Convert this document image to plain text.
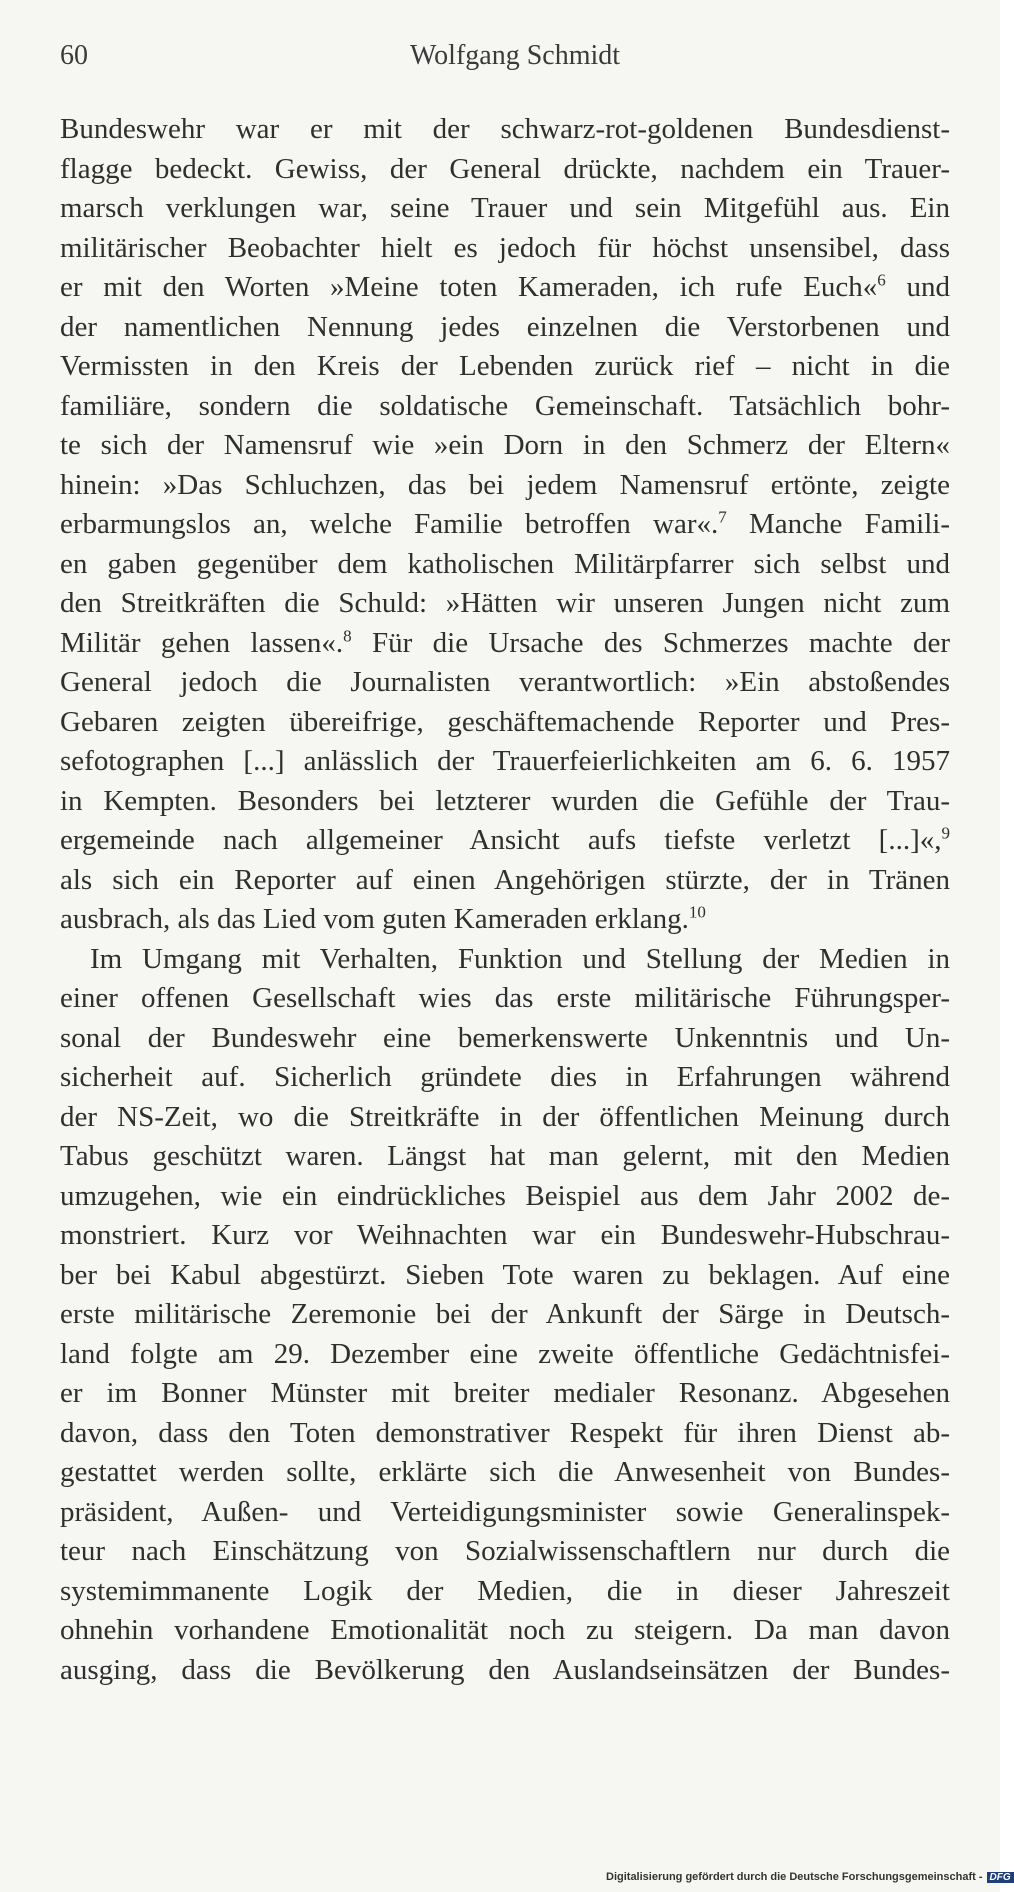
60	Wolfgang Schmidt
Bundeswehr war er mit der schwarz-rot-goldenen Bundesdienst-
flagge bedeckt. Gewiss, der General drückte, nachdem ein Trauer-
marsch verklungen war, seine Trauer und sein Mitgefühl aus. Ein
militärischer Beobachter hielt es jedoch für höchst unsensibel, dass
er mit den Worten »Meine toten Kameraden, ich rufe Euch«$^6$ und
der namentlichen Nennung jedes einzelnen die Verstorbenen und
Vermissten in den Kreis der Lebenden zurück rief – nicht in die
familiäre, sondern die soldatische Gemeinschaft. Tatsächlich bohr-
te sich der Namensruf wie »ein Dorn in den Schmerz der Eltern«
hinein: »Das Schluchzen, das bei jedem Namensruf ertönte, zeigte
erbarmungslos an, welche Familie betroffen war«.$^7$ Manche Famili-
en gaben gegenüber dem katholischen Militärpfarrer sich selbst und
den Streitkräften die Schuld: »Hätten wir unseren Jungen nicht zum
Militär gehen lassen«.$^8$ Für die Ursache des Schmerzes machte der
General jedoch die Journalisten verantwortlich: »Ein abstoßendes
Gebaren zeigten übereifrige, geschäftemachende Reporter und Pres-
sefotographen [...] anlässlich der Trauerfeierlichkeiten am 6. 6. 1957
in Kempten. Besonders bei letzterer wurden die Gefühle der Trau-
ergemeinde nach allgemeiner Ansicht aufs tiefste verletzt [...]«,$^9$
als sich ein Reporter auf einen Angehörigen stürzte, der in Tränen
ausbrach, als das Lied vom guten Kameraden erklang.$^{10}$
Im Umgang mit Verhalten, Funktion und Stellung der Medien in
einer offenen Gesellschaft wies das erste militärische Führungsper-
sonal der Bundeswehr eine bemerkenswerte Unkenntnis und Un-
sicherheit auf. Sicherlich gründete dies in Erfahrungen während
der NS-Zeit, wo die Streitkräfte in der öffentlichen Meinung durch
Tabus geschützt waren. Längst hat man gelernt, mit den Medien
umzugehen, wie ein eindrückliches Beispiel aus dem Jahr 2002 de-
monstriert. Kurz vor Weihnachten war ein Bundeswehr-Hubschrau-
ber bei Kabul abgestürzt. Sieben Tote waren zu beklagen. Auf eine
erste militärische Zeremonie bei der Ankunft der Särge in Deutsch-
land folgte am 29. Dezember eine zweite öffentliche Gedächtnisfei-
er im Bonner Münster mit breiter medialer Resonanz. Abgesehen
davon, dass den Toten demonstrativer Respekt für ihren Dienst ab-
gestattet werden sollte, erklärte sich die Anwesenheit von Bundes-
präsident, Außen- und Verteidigungsminister sowie Generalinspek-
teur nach Einschätzung von Sozialwissenschaftlern nur durch die
systemimmanente Logik der Medien, die in dieser Jahreszeit
ohnehin vorhandene Emotionalität noch zu steigern. Da man davon
ausging, dass die Bevölkerung den Auslandseinsätzen der Bundes-
Digitalisierung gefördert durch die Deutsche Forschungsgemeinschaft - DFG
